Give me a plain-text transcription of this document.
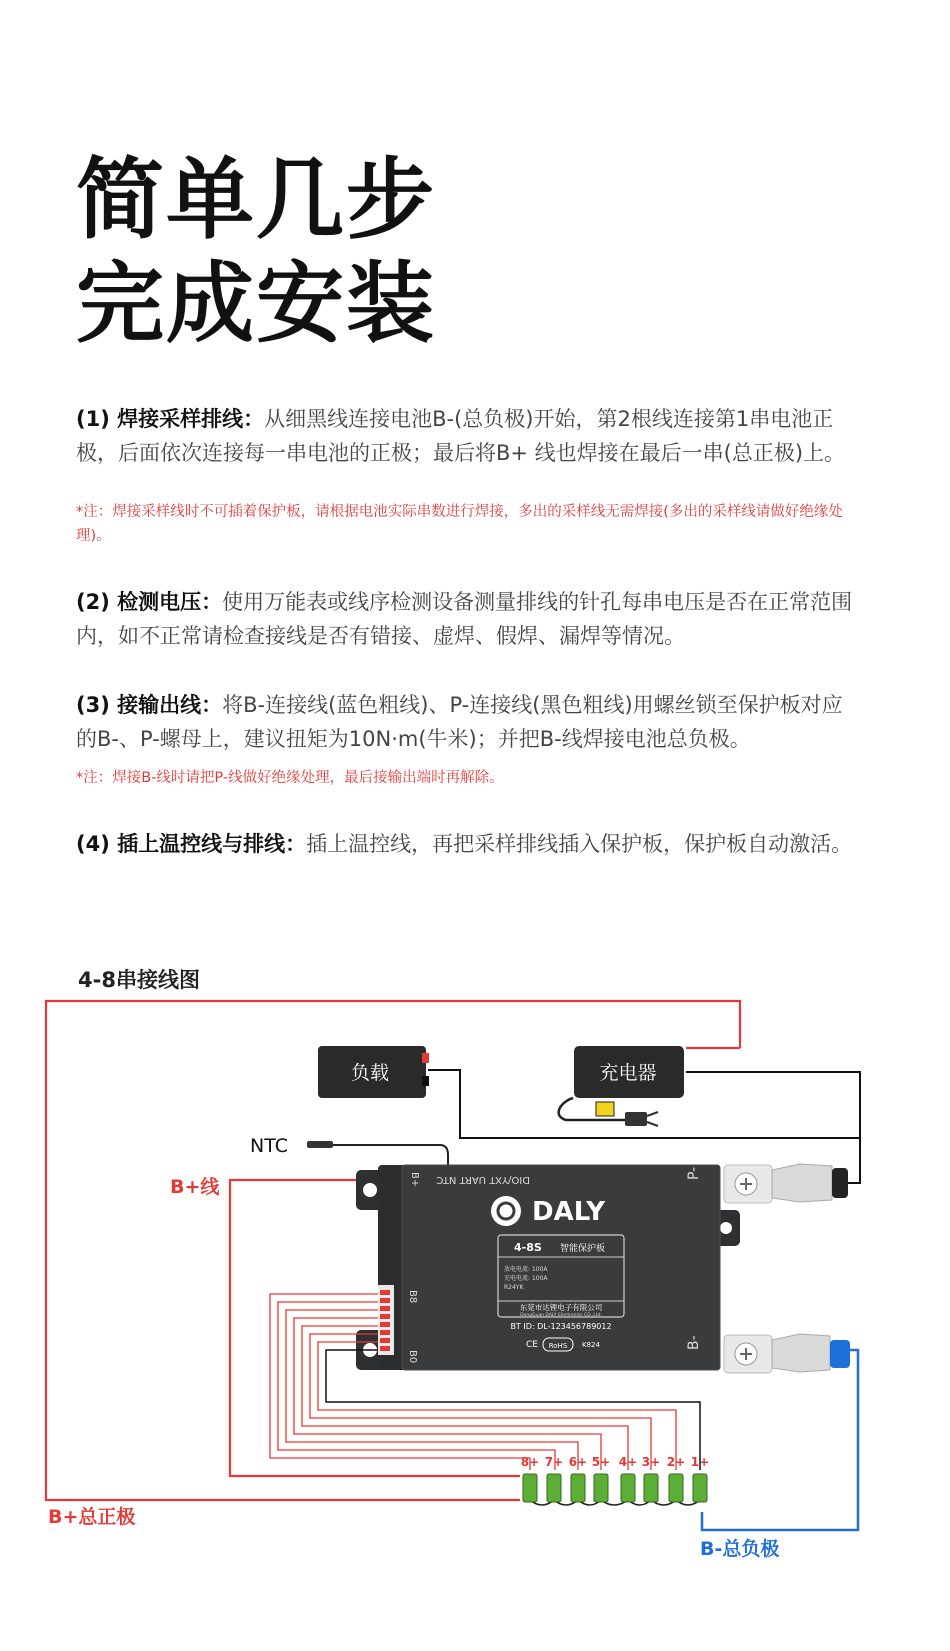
简单几步
完成安装
(1) 焊接采样排线：从细黑线连接电池B-(总负极)开始，第2根线连接第1串电池正极，后面依次连接每一串电池的正极；最后将B+ 线也焊接在最后一串(总正极)上。
*注：焊接采样线时不可插着保护板，请根据电池实际串数进行焊接，多出的采样线无需焊接(多出的采样线请做好绝缘处理)。
(2) 检测电压：使用万能表或线序检测设备测量排线的针孔每串电压是否在正常范围内，如不正常请检查接线是否有错接、虚焊、假焊、漏焊等情况。
(3) 接输出线：将B-连接线(蓝色粗线)、P-连接线(黑色粗线)用螺丝锁至保护板对应的B-、P-螺母上，建议扭矩为10N·m(牛米)；并把B-线焊接电池总负极。
*注：焊接B-线时请把P-线做好绝缘处理，最后接输出端时再解除。
(4) 插上温控线与排线：插上温控线，再把采样排线插入保护板，保护板自动激活。
4-8串接线图
负载	充电器
NTC
B+线	B+
B8
B0
DIO/YXT UART NTC	P-
B-
DALY
4-8S 智能保护板
放电电流: 100A
充电电流: 100A
R24YK
东莞市达锂电子有限公司
DongGuan DALY Electronics CO.,Ltd.
BT ID: DL-123456789012
CE RoHS K824
8+ 7+ 6+ 5+ 4+ 3+ 2+ 1+
B+总正极
B-总负极
